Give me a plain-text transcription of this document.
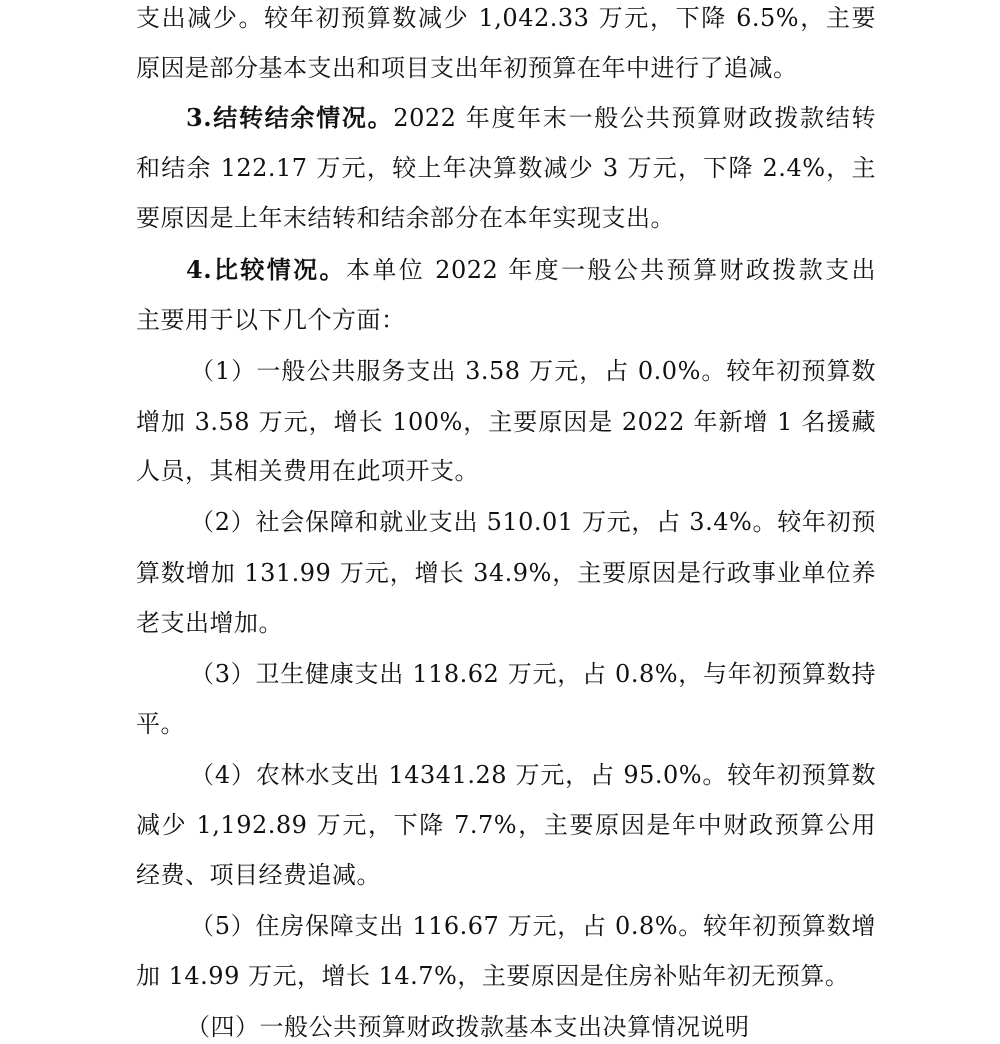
支出减少。较年初预算数减少 1,042.33 万元，下降 6.5%，主要
原因是部分基本支出和项目支出年初预算在年中进行了追减。
3.结转结余情况。2022 年度年末一般公共预算财政拨款结转
和结余 122.17 万元，较上年决算数减少 3 万元，下降 2.4%，主
要原因是上年末结转和结余部分在本年实现支出。
4.比较情况。本单位 2022 年度一般公共预算财政拨款支出
主要用于以下几个方面：
（1）一般公共服务支出 3.58 万元，占 0.0%。较年初预算数
增加 3.58 万元，增长 100%，主要原因是 2022 年新增 1 名援藏
人员，其相关费用在此项开支。
（2）社会保障和就业支出 510.01 万元，占 3.4%。较年初预
算数增加 131.99 万元，增长 34.9%，主要原因是行政事业单位养
老支出增加。
（3）卫生健康支出 118.62 万元，占 0.8%，与年初预算数持
平。
（4）农林水支出 14341.28 万元，占 95.0%。较年初预算数
减少 1,192.89 万元，下降 7.7%，主要原因是年中财政预算公用
经费、项目经费追减。
（5）住房保障支出 116.67 万元，占 0.8%。较年初预算数增
加 14.99 万元，增长 14.7%，主要原因是住房补贴年初无预算。
（四）一般公共预算财政拨款基本支出决算情况说明
